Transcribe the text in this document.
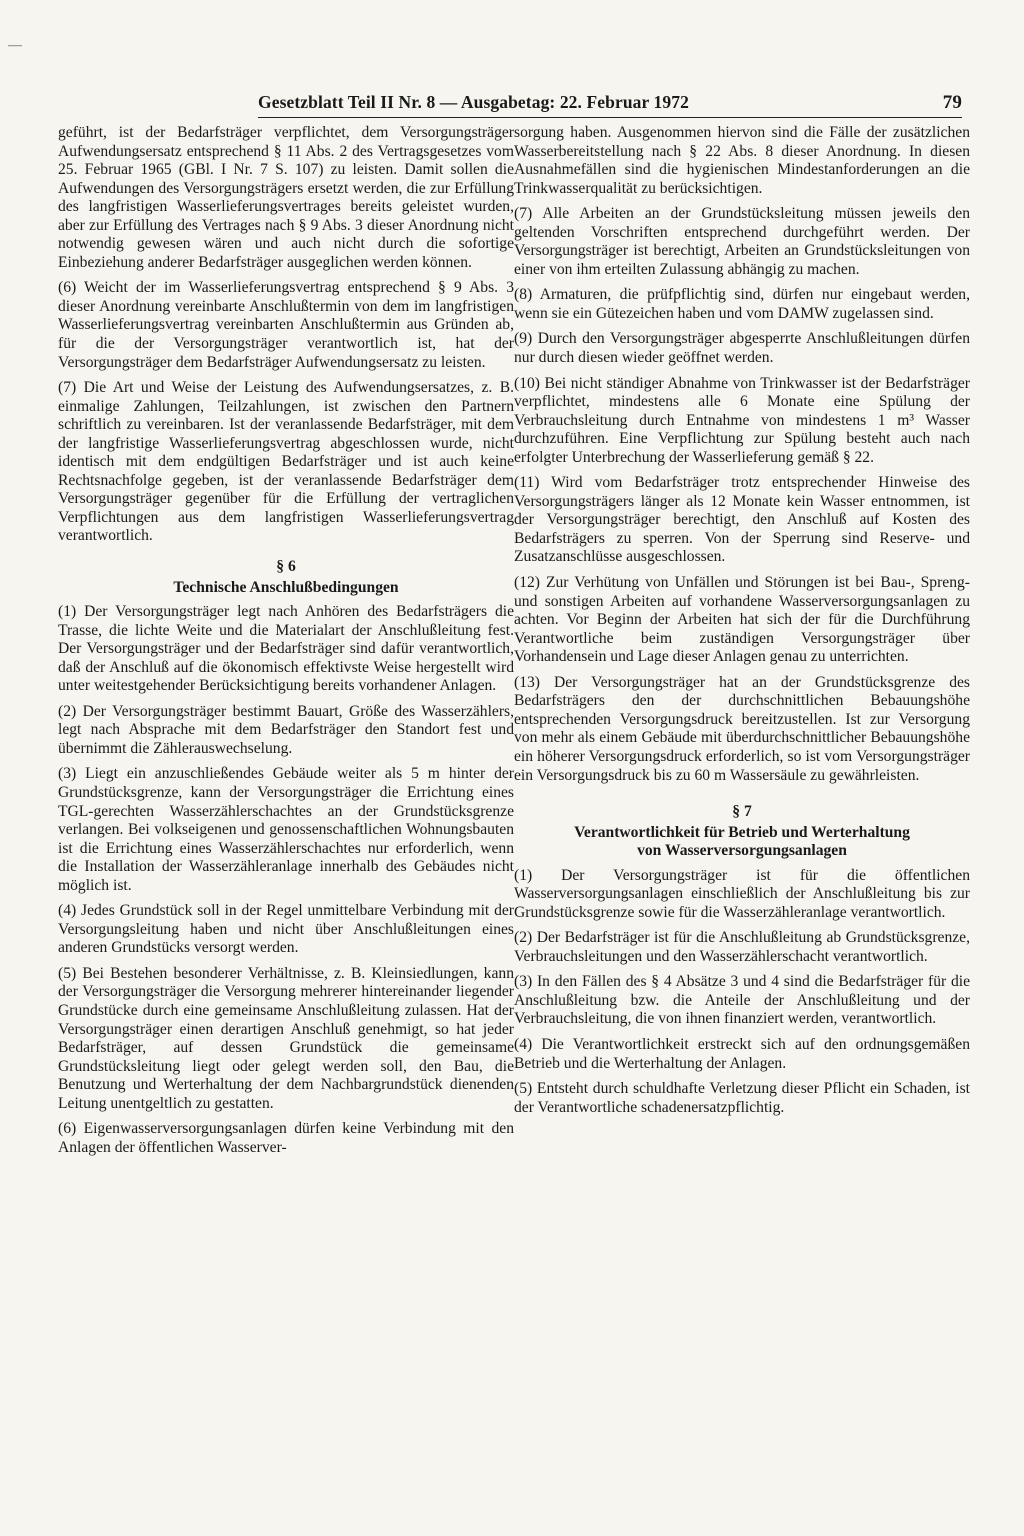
—
Gesetzblatt Teil II Nr. 8 — Ausgabetag: 22. Februar 1972	79

geführt, ist der Bedarfsträger verpflichtet, dem Versorgungsträger Aufwendungsersatz entsprechend § 11 Abs. 2 des Vertragsgesetzes vom 25. Februar 1965 (GBl. I Nr. 7 S. 107) zu leisten. Damit sollen die Aufwendungen des Versorgungsträgers ersetzt werden, die zur Erfüllung des langfristigen Wasserlieferungsvertrages bereits geleistet wurden, aber zur Erfüllung des Vertrages nach § 9 Abs. 3 dieser Anordnung nicht notwendig gewesen wären und auch nicht durch die sofortige Einbeziehung anderer Bedarfsträger ausgeglichen werden können.

(6) Weicht der im Wasserlieferungsvertrag entsprechend § 9 Abs. 3 dieser Anordnung vereinbarte Anschlußtermin von dem im langfristigen Wasserlieferungsvertrag vereinbarten Anschlußtermin aus Gründen ab, für die der Versorgungsträger verantwortlich ist, hat der Versorgungsträger dem Bedarfsträger Aufwendungsersatz zu leisten.

(7) Die Art und Weise der Leistung des Aufwendungsersatzes, z. B. einmalige Zahlungen, Teilzahlungen, ist zwischen den Partnern schriftlich zu vereinbaren. Ist der veranlassende Bedarfsträger, mit dem der langfristige Wasserlieferungsvertrag abgeschlossen wurde, nicht identisch mit dem endgültigen Bedarfsträger und ist auch keine Rechtsnachfolge gegeben, ist der veranlassende Bedarfsträger dem Versorgungsträger gegenüber für die Erfüllung der vertraglichen Verpflichtungen aus dem langfristigen Wasserlieferungsvertrag verantwortlich.

§ 6
Technische Anschlußbedingungen

(1) Der Versorgungsträger legt nach Anhören des Bedarfsträgers die Trasse, die lichte Weite und die Materialart der Anschlußleitung fest. Der Versorgungsträger und der Bedarfsträger sind dafür verantwortlich, daß der Anschluß auf die ökonomisch effektivste Weise hergestellt wird unter weitestgehender Berücksichtigung bereits vorhandener Anlagen.

(2) Der Versorgungsträger bestimmt Bauart, Größe des Wasserzählers, legt nach Absprache mit dem Bedarfsträger den Standort fest und übernimmt die Zählerauswechselung.

(3) Liegt ein anzuschließendes Gebäude weiter als 5 m hinter der Grundstücksgrenze, kann der Versorgungsträger die Errichtung eines TGL-gerechten Wasserzählerschachtes an der Grundstücksgrenze verlangen. Bei volkseigenen und genossenschaftlichen Wohnungsbauten ist die Errichtung eines Wasserzählerschachtes nur erforderlich, wenn die Installation der Wasserzähleranlage innerhalb des Gebäudes nicht möglich ist.

(4) Jedes Grundstück soll in der Regel unmittelbare Verbindung mit der Versorgungsleitung haben und nicht über Anschlußleitungen eines anderen Grundstücks versorgt werden.

(5) Bei Bestehen besonderer Verhältnisse, z. B. Kleinsiedlungen, kann der Versorgungsträger die Versorgung mehrerer hintereinander liegender Grundstücke durch eine gemeinsame Anschlußleitung zulassen. Hat der Versorgungsträger einen derartigen Anschluß genehmigt, so hat jeder Bedarfsträger, auf dessen Grundstück die gemeinsame Grundstücksleitung liegt oder gelegt werden soll, den Bau, die Benutzung und Werterhaltung der dem Nachbargrundstück dienenden Leitung unentgeltlich zu gestatten.

(6) Eigenwasserversorgungsanlagen dürfen keine Verbindung mit den Anlagen der öffentlichen Wasserver-

sorgung haben. Ausgenommen hiervon sind die Fälle der zusätzlichen Wasserbereitstellung nach § 22 Abs. 8 dieser Anordnung. In diesen Ausnahmefällen sind die hygienischen Mindestanforderungen an die Trinkwasserqualität zu berücksichtigen.

(7) Alle Arbeiten an der Grundstücksleitung müssen jeweils den geltenden Vorschriften entsprechend durchgeführt werden. Der Versorgungsträger ist berechtigt, Arbeiten an Grundstücksleitungen von einer von ihm erteilten Zulassung abhängig zu machen.

(8) Armaturen, die prüfpflichtig sind, dürfen nur eingebaut werden, wenn sie ein Gütezeichen haben und vom DAMW zugelassen sind.

(9) Durch den Versorgungsträger abgesperrte Anschlußleitungen dürfen nur durch diesen wieder geöffnet werden.

(10) Bei nicht ständiger Abnahme von Trinkwasser ist der Bedarfsträger verpflichtet, mindestens alle 6 Monate eine Spülung der Verbrauchsleitung durch Entnahme von mindestens 1 m³ Wasser durchzuführen. Eine Verpflichtung zur Spülung besteht auch nach erfolgter Unterbrechung der Wasserlieferung gemäß § 22.

(11) Wird vom Bedarfsträger trotz entsprechender Hinweise des Versorgungsträgers länger als 12 Monate kein Wasser entnommen, ist der Versorgungsträger berechtigt, den Anschluß auf Kosten des Bedarfsträgers zu sperren. Von der Sperrung sind Reserve- und Zusatzanschlüsse ausgeschlossen.

(12) Zur Verhütung von Unfällen und Störungen ist bei Bau-, Spreng- und sonstigen Arbeiten auf vorhandene Wasserversorgungsanlagen zu achten. Vor Beginn der Arbeiten hat sich der für die Durchführung Verantwortliche beim zuständigen Versorgungsträger über Vorhandensein und Lage dieser Anlagen genau zu unterrichten.

(13) Der Versorgungsträger hat an der Grundstücksgrenze des Bedarfsträgers den der durchschnittlichen Bebauungshöhe entsprechenden Versorgungsdruck bereitzustellen. Ist zur Versorgung von mehr als einem Gebäude mit überdurchschnittlicher Bebauungshöhe ein höherer Versorgungsdruck erforderlich, so ist vom Versorgungsträger ein Versorgungsdruck bis zu 60 m Wassersäule zu gewährleisten.

§ 7
Verantwortlichkeit für Betrieb und Werterhaltung
von Wasserversorgungsanlagen

(1) Der Versorgungsträger ist für die öffentlichen Wasserversorgungsanlagen einschließlich der Anschlußleitung bis zur Grundstücksgrenze sowie für die Wasserzähleranlage verantwortlich.

(2) Der Bedarfsträger ist für die Anschlußleitung ab Grundstücksgrenze, Verbrauchsleitungen und den Wasserzählerschacht verantwortlich.

(3) In den Fällen des § 4 Absätze 3 und 4 sind die Bedarfsträger für die Anschlußleitung bzw. die Anteile der Anschlußleitung und der Verbrauchsleitung, die von ihnen finanziert werden, verantwortlich.

(4) Die Verantwortlichkeit erstreckt sich auf den ordnungsgemäßen Betrieb und die Werterhaltung der Anlagen.

(5) Entsteht durch schuldhafte Verletzung dieser Pflicht ein Schaden, ist der Verantwortliche schadenersatzpflichtig.
